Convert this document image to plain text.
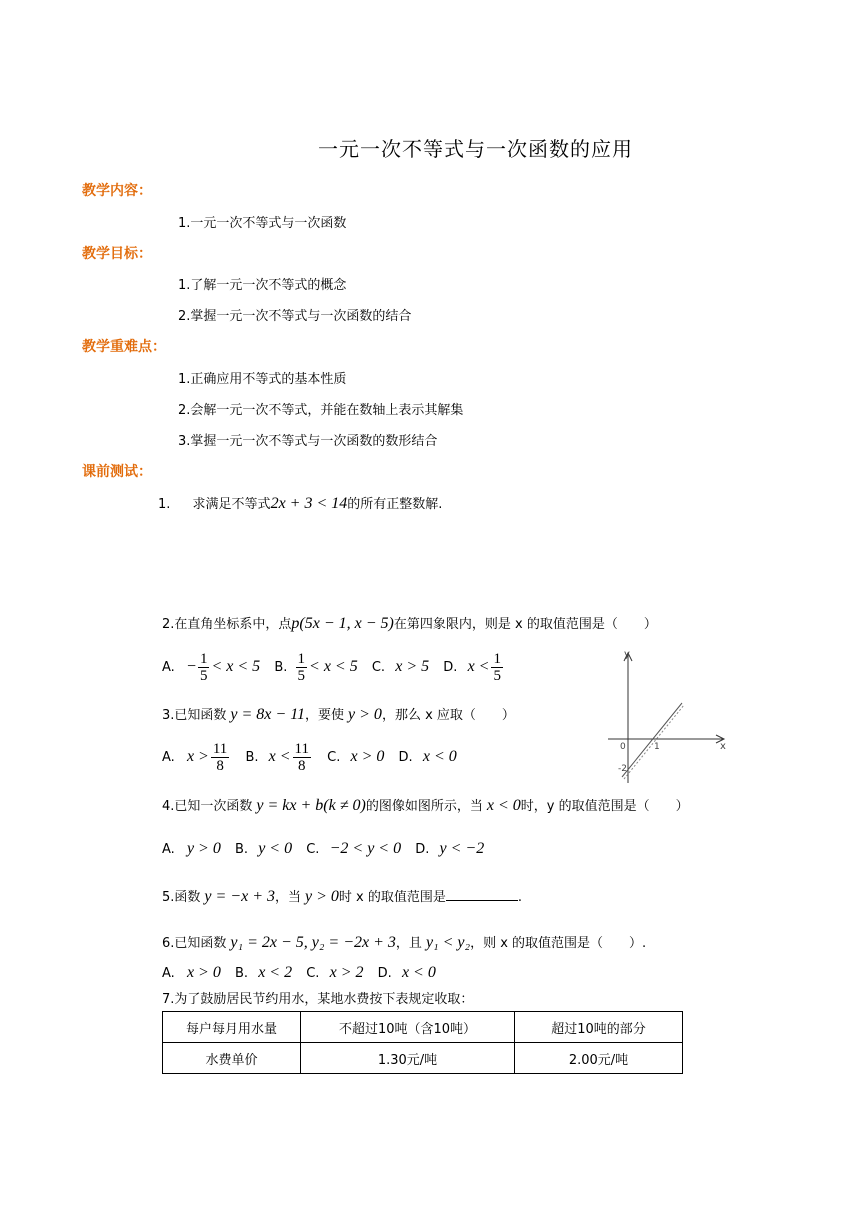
一元一次不等式与一次函数的应用
教学内容：
1.一元一次不等式与一次函数
教学目标：
1.了解一元一次不等式的概念
2.掌握一元一次不等式与一次函数的结合
教学重难点：
1.正确应用不等式的基本性质
2.会解一元一次不等式，并能在数轴上表示其解集
3.掌握一元一次不等式与一次函数的数形结合
课前测试：
1. 求满足不等式2x + 3 < 14的所有正整数解.
2.在直角坐标系中，点p(5x − 1, x − 5)在第四象限内，则是 x 的取值范围是（　　）
A. − $\frac{1}{5} < x < 5$ B. $\frac{1}{5} < x < 5$ C. x > 5 D. $x < \frac{1}{5}$
3.已知函数 y = 8x − 11，要使 y > 0，那么 x 应取（　　）
A. $x > \frac{11}{8} B$. $x < \frac{11}{8} C$. x > 0 D. x < 0
y
x
0
-2
1
4.已知一次函数 y = kx + b(k ≠ 0)的图像如图所示，当 x < 0时，y 的取值范围是（　　）
A. y > 0 B. y < 0 C. −2 < y < 0 D. y < −2
5.函数 y = −x + 3，当 y > 0时 x 的取值范围是	.
6.已知函数 y₁ = 2x − 5, y₂ = −2x + 3，且 y₁ < y₂，则 x 的取值范围是（　　）.
A. x > 0 B. x < 2 C. x > 2 D. x < 0
7.为了鼓励居民节约用水，某地水费按下表规定收取：
每户每月用水量	不超过10吨（含10吨）	超过10吨的部分
水费单价	1.30元/吨	2.00元/吨
